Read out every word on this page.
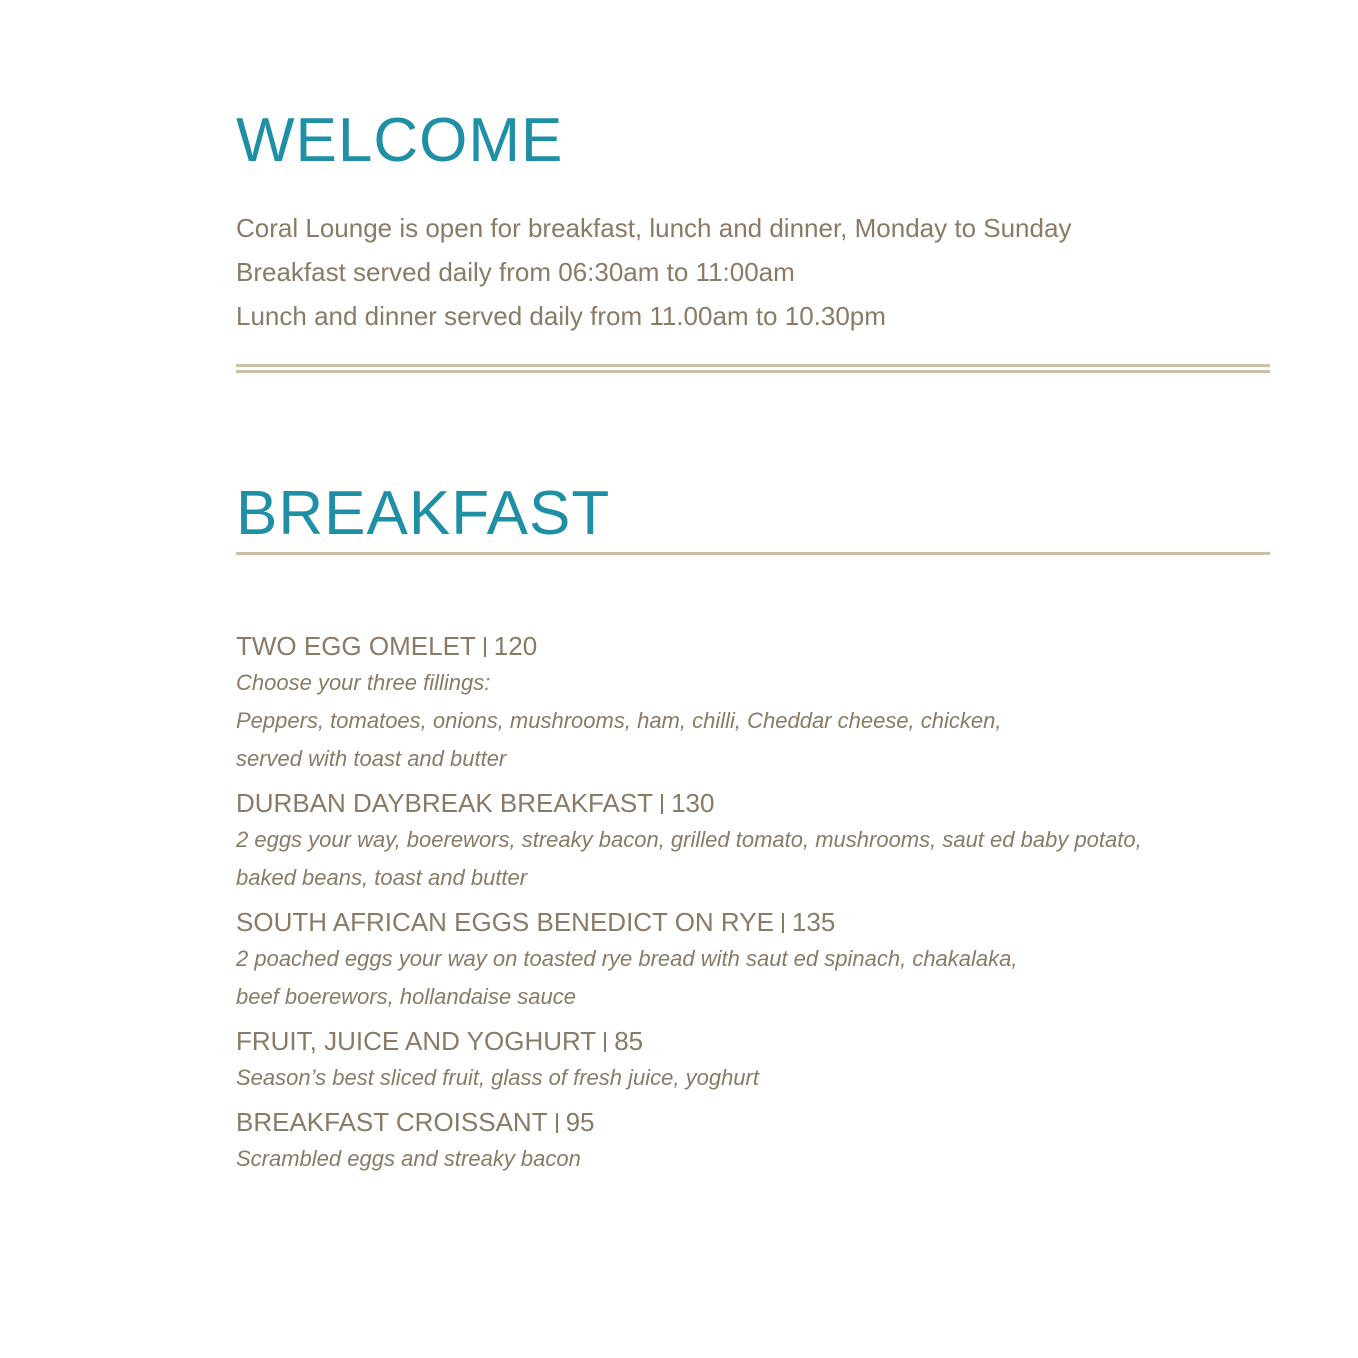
WELCOME
Coral Lounge is open for breakfast, lunch and dinner, Monday to Sunday
Breakfast served daily from 06:30am to 11:00am
Lunch and dinner served daily from 11.00am to 10.30pm
BREAKFAST
TWO EGG OMELET 120
Choose your three fillings:
Peppers, tomatoes, onions, mushrooms, ham, chilli, Cheddar cheese, chicken,
served with toast and butter
DURBAN DAYBREAK BREAKFAST 130
2 eggs your way, boerewors, streaky bacon, grilled tomato, mushrooms, saut ed baby potato,
baked beans, toast and butter
SOUTH AFRICAN EGGS BENEDICT ON RYE 135
2 poached eggs your way on toasted rye bread with saut ed spinach, chakalaka,
beef boerewors, hollandaise sauce
FRUIT, JUICE AND YOGHURT 85
Season’s best sliced fruit, glass of fresh juice, yoghurt
BREAKFAST CROISSANT 95
Scrambled eggs and streaky bacon
